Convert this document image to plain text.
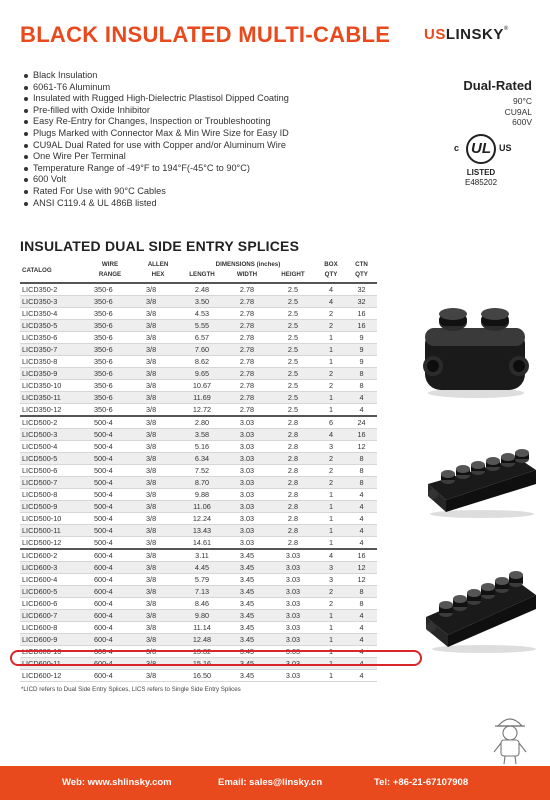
BLACK INSULATED MULTI-CABLE USLINSKY®
Black Insulation
6061-T6 Aluminum
Insulated with Rugged High-Dielectric Plastisol Dipped Coating
Pre-filled with Oxide Inhibitor
Easy Re-Entry for Changes, Inspection or Troubleshooting
Plugs Marked with Connector Max & Min Wire Size for Easy ID
CU9AL Dual Rated for use with Copper and/or Aluminum Wire
One Wire Per Terminal
Temperature Range of -49°F to 194°F(-45°C to 90°C)
600 Volt
Rated For Use with 90°C Cables
ANSI C119.4 & UL 486B listed
Dual-Rated
90°C
CU9AL
600V
c UL US
LISTED
E485202
INSULATED DUAL SIDE ENTRY SPLICES
CATALOG	WIRE	ALLEN	DIMENSIONS (inches)			BOX	CTN
	RANGE	HEX	LENGTH	WIDTH	HEIGHT	QTY	QTY
LICD350-2	350-6	3/8	2.48	2.78	2.5	4	32
LICD350-3	350-6	3/8	3.50	2.78	2.5	4	32
LICD350-4	350-6	3/8	4.53	2.78	2.5	2	16
LICD350-5	350-6	3/8	5.55	2.78	2.5	2	16
LICD350-6	350-6	3/8	6.57	2.78	2.5	1	9
LICD350-7	350-6	3/8	7.60	2.78	2.5	1	9
LICD350-8	350-6	3/8	8.62	2.78	2.5	1	9
LICD350-9	350-6	3/8	9.65	2.78	2.5	2	8
LICD350-10	350-6	3/8	10.67	2.78	2.5	2	8
LICD350-11	350-6	3/8	11.69	2.78	2.5	1	4
LICD350-12	350-6	3/8	12.72	2.78	2.5	1	4
LICD500-2	500-4	3/8	2.80	3.03	2.8	6	24
LICD500-3	500-4	3/8	3.58	3.03	2.8	4	16
LICD500-4	500-4	3/8	5.16	3.03	2.8	3	12
LICD500-5	500-4	3/8	6.34	3.03	2.8	2	8
LICD500-6	500-4	3/8	7.52	3.03	2.8	2	8
LICD500-7	500-4	3/8	8.70	3.03	2.8	2	8
LICD500-8	500-4	3/8	9.88	3.03	2.8	1	4
LICD500-9	500-4	3/8	11.06	3.03	2.8	1	4
LICD500-10	500-4	3/8	12.24	3.03	2.8	1	4
LICD500-11	500-4	3/8	13.43	3.03	2.8	1	4
LICD500-12	500-4	3/8	14.61	3.03	2.8	1	4
LICD600-2	600-4	3/8	3.11	3.45	3.03	4	16
LICD600-3	600-4	3/8	4.45	3.45	3.03	3	12
LICD600-4	600-4	3/8	5.79	3.45	3.03	3	12
LICD600-5	600-4	3/8	7.13	3.45	3.03	2	8
LICD600-6	600-4	3/8	8.46	3.45	3.03	2	8
LICD600-7	600-4	3/8	9.80	3.45	3.03	1	4
LICD600-8	600-4	3/8	11.14	3.45	3.03	1	4
LICD600-9	600-4	3/8	12.48	3.45	3.03	1	4
LICD600-10	600-4	3/8	13.82	3.45	3.03	1	4
LICD600-11	600-4	3/8	15.16	3.45	3.03	1	4
LICD600-12	600-4	3/8	16.50	3.45	3.03	1	4
*LICD refers to Dual Side Entry Splices, LICS refers to Single Side Entry Splices
Web: www.shlinsky.com	Email: sales@linsky.cn	Tel: +86-21-67107908
